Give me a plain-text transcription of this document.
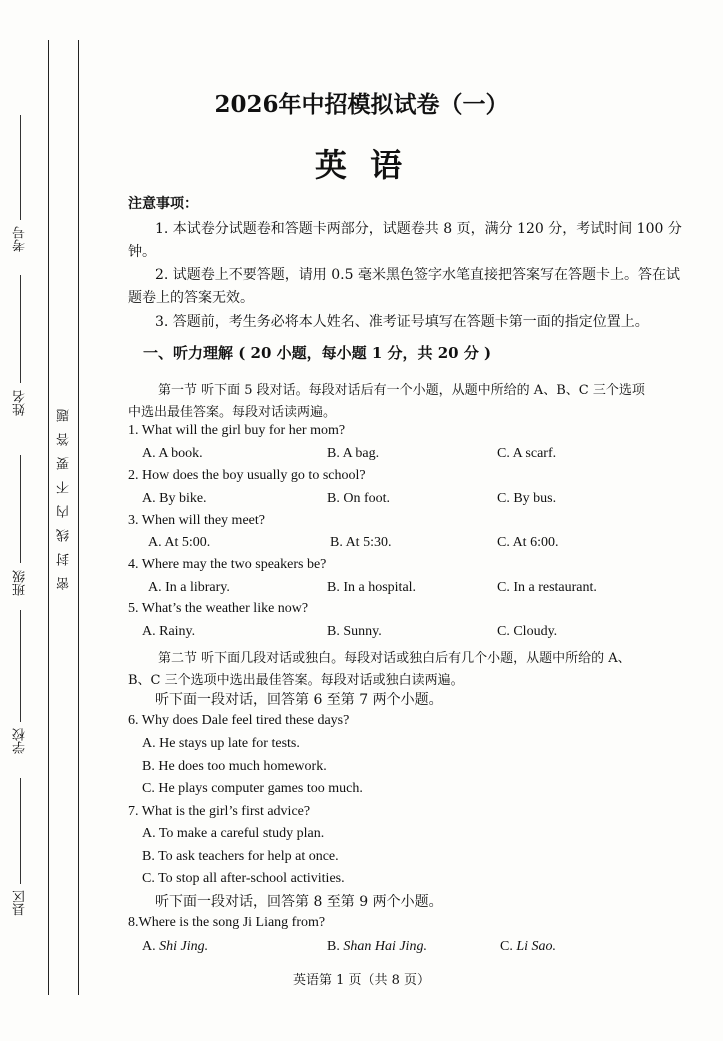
考号
姓名
班级
学校
县区
密封线内不要答题
2026年中招模拟试卷（一）
英 语
注意事项：
1. 本试卷分试题卷和答题卡两部分，试题卷共 8 页，满分 120 分，考试时间 100 分
钟。
2. 试题卷上不要答题，请用 0.5 毫米黑色签字水笔直接把答案写在答题卡上。答在试
题卷上的答案无效。
3. 答题前，考生务必将本人姓名、准考证号填写在答题卡第一面的指定位置上。
一、听力理解 ( 20 小题，每小题 1 分，共 20 分 )
第一节 听下面 5 段对话。每段对话后有一个小题，从题中所给的 A、B、C 三个选项
中选出最佳答案。每段对话读两遍。
1. What will the girl buy for her mom?
A. A book.	B. A bag.	C. A scarf.
2. How does the boy usually go to school?
A. By bike.	B. On foot.	C. By bus.
3. When will they meet?
A. At 5:00.	B. At 5:30.	C. At 6:00.
4. Where may the two speakers be?
A. In a library.	B. In a hospital.	C. In a restaurant.
5. What’s the weather like now?
A. Rainy.	B. Sunny.	C. Cloudy.
第二节 听下面几段对话或独白。每段对话或独白后有几个小题，从题中所给的 A、
B、C 三个选项中选出最佳答案。每段对话或独白读两遍。
听下面一段对话，回答第 6 至第 7 两个小题。
6. Why does Dale feel tired these days?
A. He stays up late for tests.
B. He does too much homework.
C. He plays computer games too much.
7. What is the girl’s first advice?
A. To make a careful study plan.
B. To ask teachers for help at once.
C. To stop all after-school activities.
听下面一段对话，回答第 8 至第 9 两个小题。
8.Where is the song Ji Liang from?
A. Shi Jing.	B. Shan Hai Jing.	C. Li Sao.
英语第 1 页（共 8 页）
